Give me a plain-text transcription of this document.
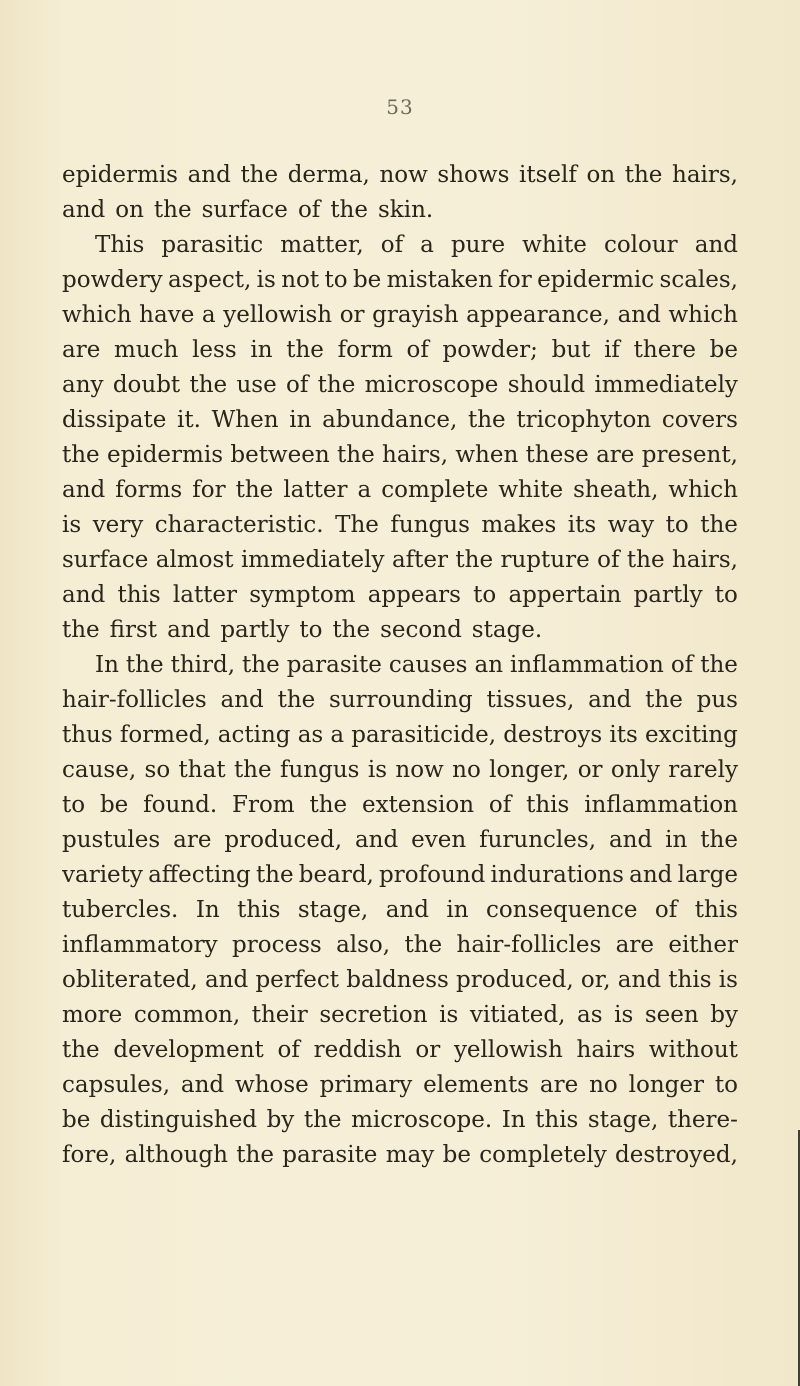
53
epidermis and the derma, now shows itself on the hairs,
and on the surface of the skin.
This parasitic matter, of a pure white colour and
powdery aspect, is not to be mistaken for epidermic scales,
which have a yellowish or grayish appearance, and which
are much less in the form of powder; but if there be
any doubt the use of the microscope should immediately
dissipate it. When in abundance, the tricophyton covers
the epidermis between the hairs, when these are present,
and forms for the latter a complete white sheath, which
is very characteristic. The fungus makes its way to the
surface almost immediately after the rupture of the hairs,
and this latter symptom appears to appertain partly to
the first and partly to the second stage.
In the third, the parasite causes an inflammation of the
hair-follicles and the surrounding tissues, and the pus
thus formed, acting as a parasiticide, destroys its exciting
cause, so that the fungus is now no longer, or only rarely
to be found. From the extension of this inflammation
pustules are produced, and even furuncles, and in the
variety affecting the beard, profound indurations and large
tubercles. In this stage, and in consequence of this
inflammatory process also, the hair-follicles are either
obliterated, and perfect baldness produced, or, and this is
more common, their secretion is vitiated, as is seen by
the development of reddish or yellowish hairs without
capsules, and whose primary elements are no longer to
be distinguished by the microscope. In this stage, there-
fore, although the parasite may be completely destroyed,
